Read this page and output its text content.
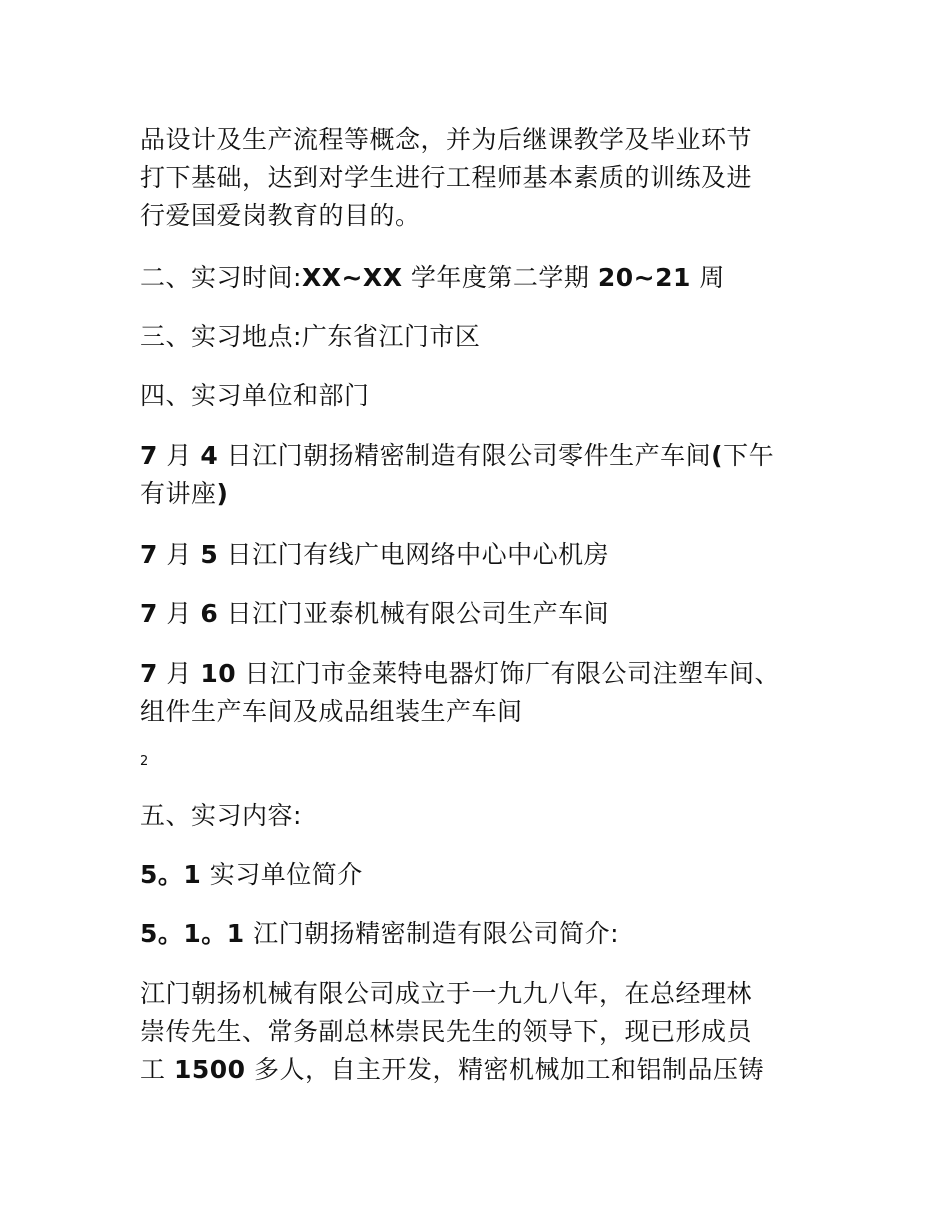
品设计及生产流程等概念，并为后继课教学及毕业环节
打下基础，达到对学生进行工程师基本素质的训练及进
行爱国爱岗教育的目的。
二、实习时间:XX~XX 学年度第二学期 20~21 周
三、实习地点:广东省江门市区
四、实习单位和部门
7 月 4 日江门朝扬精密制造有限公司零件生产车间(下午
有讲座)
7 月 5 日江门有线广电网络中心中心机房
7 月 6 日江门亚泰机械有限公司生产车间
7 月 10 日江门市金莱特电器灯饰厂有限公司注塑车间、
组件生产车间及成品组装生产车间
2
五、实习内容:
5。1 实习单位简介
5。1。1 江门朝扬精密制造有限公司简介:
江门朝扬机械有限公司成立于一九九八年，在总经理林
崇传先生、常务副总林崇民先生的领导下，现已形成员
工 1500 多人，自主开发，精密机械加工和铝制品压铸
